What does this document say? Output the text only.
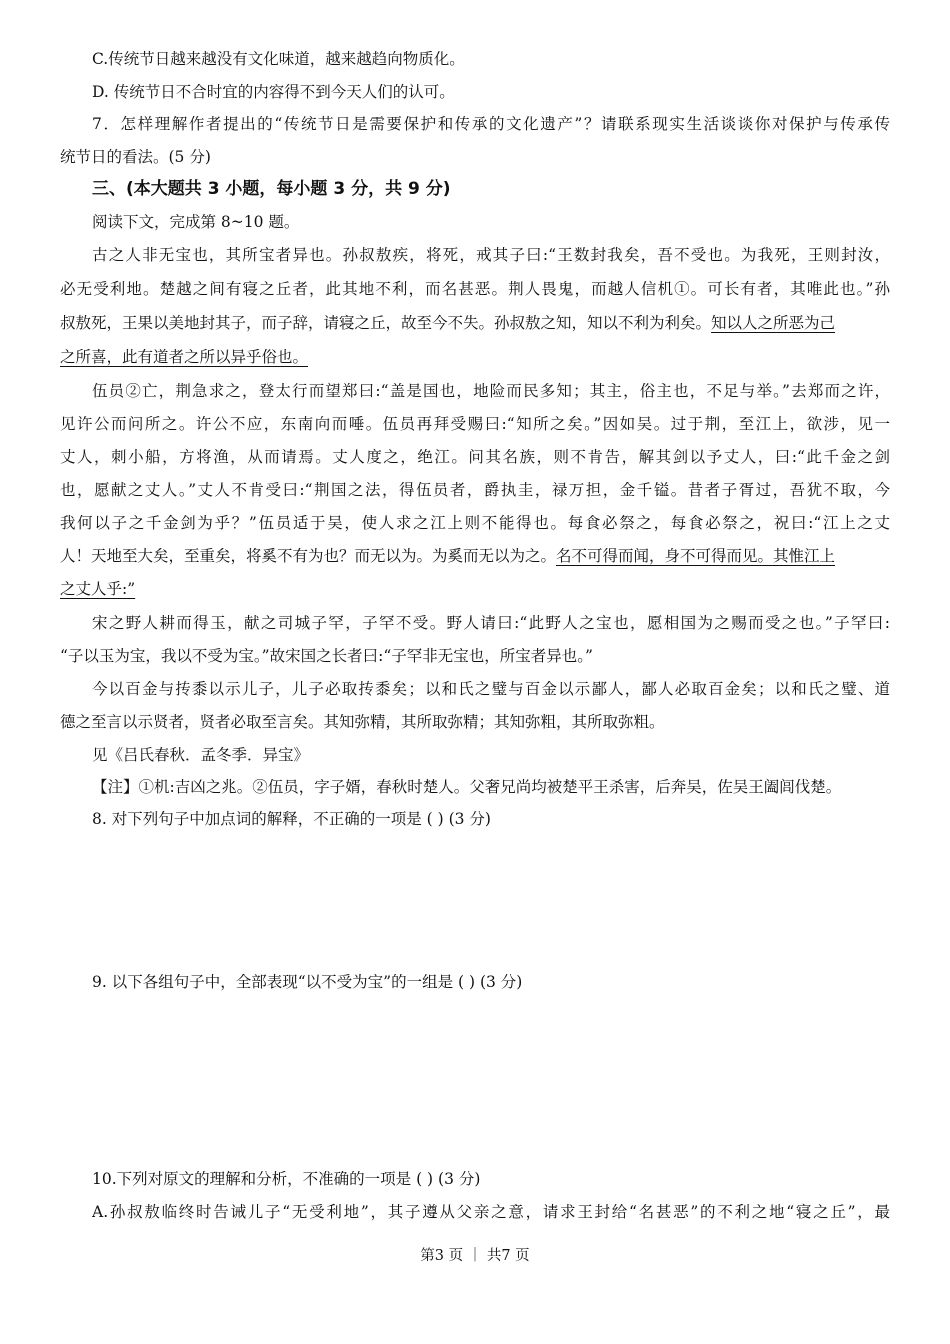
C.传统节日越来越没有文化味道，越来越趋向物质化。
D. 传统节日不合时宜的内容得不到今天人们的认可。
7．怎样理解作者提出的“传统节日是需要保护和传承的文化遗产”？请联系现实生活谈谈你对保护与传承传
统节日的看法。(5 分)
三、(本大题共 3 小题，每小题 3 分，共 9 分)
阅读下文，完成第 8~10 题。
古之人非无宝也，其所宝者异也。孙叔敖疾，将死，戒其子曰:“王数封我矣，吾不受也。为我死，王则封汝，
必无受利地。楚越之间有寝之丘者，此其地不利，而名甚恶。荆人畏鬼，而越人信机①。可长有者，其唯此也。”孙
叔敖死，王果以美地封其子，而子辞，请寝之丘，故至今不失。孙叔敖之知，知以不利为利矣。知以人之所恶为己
之所喜，此有道者之所以异乎俗也。
伍员②亡，荆急求之，登太行而望郑曰:“盖是国也，地险而民多知；其主，俗主也，不足与举。”去郑而之许，
见许公而问所之。许公不应，东南向而唾。伍员再拜受赐曰:“知所之矣。”因如吴。过于荆，至江上，欲涉，见一
丈人，刺小船，方将渔，从而请焉。丈人度之，绝江。问其名族，则不肯告，解其剑以予丈人，曰:“此千金之剑
也，愿献之丈人。”丈人不肯受曰:“荆国之法，得伍员者，爵执圭，禄万担，金千镒。昔者子胥过，吾犹不取，今
我何以子之千金剑为乎？”伍员适于吴，使人求之江上则不能得也。每食必祭之，每食必祭之，祝曰:“江上之丈
人！天地至大矣，至重矣，将奚不有为也？而无以为。为奚而无以为之。名不可得而闻，身不可得而见。其惟江上
之丈人乎:”
宋之野人耕而得玉，献之司城子罕，子罕不受。野人请曰:“此野人之宝也，愿相国为之赐而受之也。”子罕曰:
“子以玉为宝，我以不受为宝。”故宋国之长者曰:“子罕非无宝也，所宝者异也。”
今以百金与抟黍以示儿子，儿子必取抟黍矣；以和氏之璧与百金以示鄙人，鄙人必取百金矣；以和氏之璧、道
德之至言以示贤者，贤者必取至言矣。其知弥精，其所取弥精；其知弥粗，其所取弥粗。
见《吕氏春秋．孟冬季．异宝》
【注】①机:吉凶之兆。②伍员，字子婿，春秋时楚人。父奢兄尚均被楚平王杀害，后奔吴，佐吴王阖闾伐楚。
8. 对下列句子中加点词的解释，不正确的一项是 ( ) (3 分)
9. 以下各组句子中，全部表现“以不受为宝”的一组是 ( ) (3 分)
10.下列对原文的理解和分析，不准确的一项是 ( ) (3 分)
A.孙叔敖临终时告诫儿子“无受利地”，其子遵从父亲之意，请求王封给“名甚恶”的不利之地“寝之丘”，最
第3 页 ｜ 共7 页
